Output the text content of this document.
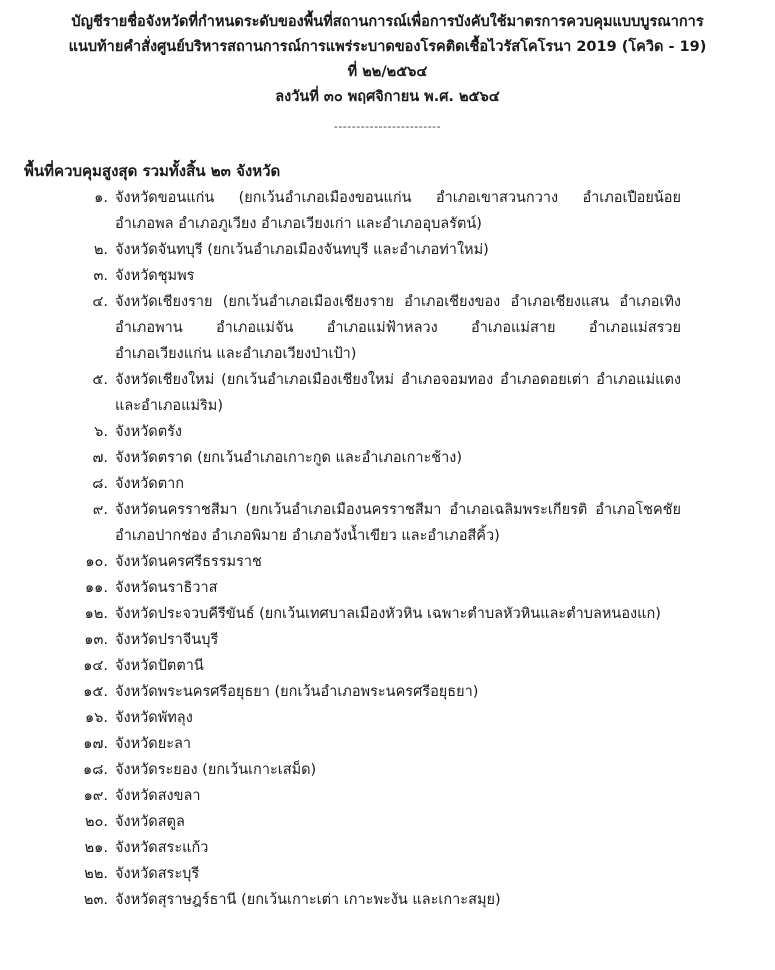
บัญชีรายชื่อจังหวัดที่กำหนดระดับของพื้นที่สถานการณ์เพื่อการบังคับใช้มาตรการควบคุมแบบบูรณาการ
แนบท้ายคำสั่งศูนย์บริหารสถานการณ์การแพร่ระบาดของโรคติดเชื้อไวรัสโคโรนา 2019 (โควิด - 19)
ที่ ๒๒/๒๕๖๔
ลงวันที่ ๓๐ พฤศจิกายน พ.ศ. ๒๕๖๔
------------------------
พื้นที่ควบคุมสูงสุด รวมทั้งสิ้น ๒๓ จังหวัด
๑. จังหวัดขอนแก่น (ยกเว้นอำเภอเมืองขอนแก่น อำเภอเขาสวนกวาง อำเภอเปือยน้อย
อำเภอพล อำเภอภูเวียง อำเภอเวียงเก่า และอำเภออุบลรัตน์)
๒. จังหวัดจันทบุรี (ยกเว้นอำเภอเมืองจันทบุรี และอำเภอท่าใหม่)
๓. จังหวัดชุมพร
๔. จังหวัดเชียงราย (ยกเว้นอำเภอเมืองเชียงราย อำเภอเชียงของ อำเภอเชียงแสน อำเภอเทิง
อำเภอพาน อำเภอแม่จัน อำเภอแม่ฟ้าหลวง อำเภอแม่สาย อำเภอแม่สรวย
อำเภอเวียงแก่น และอำเภอเวียงป่าเป้า)
๕. จังหวัดเชียงใหม่ (ยกเว้นอำเภอเมืองเชียงใหม่ อำเภอจอมทอง อำเภอดอยเต่า อำเภอแม่แตง
และอำเภอแม่ริม)
๖. จังหวัดตรัง
๗. จังหวัดตราด (ยกเว้นอำเภอเกาะกูด และอำเภอเกาะช้าง)
๘. จังหวัดตาก
๙. จังหวัดนครราชสีมา (ยกเว้นอำเภอเมืองนครราชสีมา อำเภอเฉลิมพระเกียรติ อำเภอโชคชัย
อำเภอปากช่อง อำเภอพิมาย อำเภอวังน้ำเขียว และอำเภอสีคิ้ว)
๑๐. จังหวัดนครศรีธรรมราช
๑๑. จังหวัดนราธิวาส
๑๒. จังหวัดประจวบคีรีขันธ์ (ยกเว้นเทศบาลเมืองหัวหิน เฉพาะตำบลหัวหินและตำบลหนองแก)
๑๓. จังหวัดปราจีนบุรี
๑๔. จังหวัดปัตตานี
๑๕. จังหวัดพระนครศรีอยุธยา (ยกเว้นอำเภอพระนครศรีอยุธยา)
๑๖. จังหวัดพัทลุง
๑๗. จังหวัดยะลา
๑๘. จังหวัดระยอง (ยกเว้นเกาะเสม็ด)
๑๙. จังหวัดสงขลา
๒๐. จังหวัดสตูล
๒๑. จังหวัดสระแก้ว
๒๒. จังหวัดสระบุรี
๒๓. จังหวัดสุราษฎร์ธานี (ยกเว้นเกาะเต่า เกาะพะงัน และเกาะสมุย)
